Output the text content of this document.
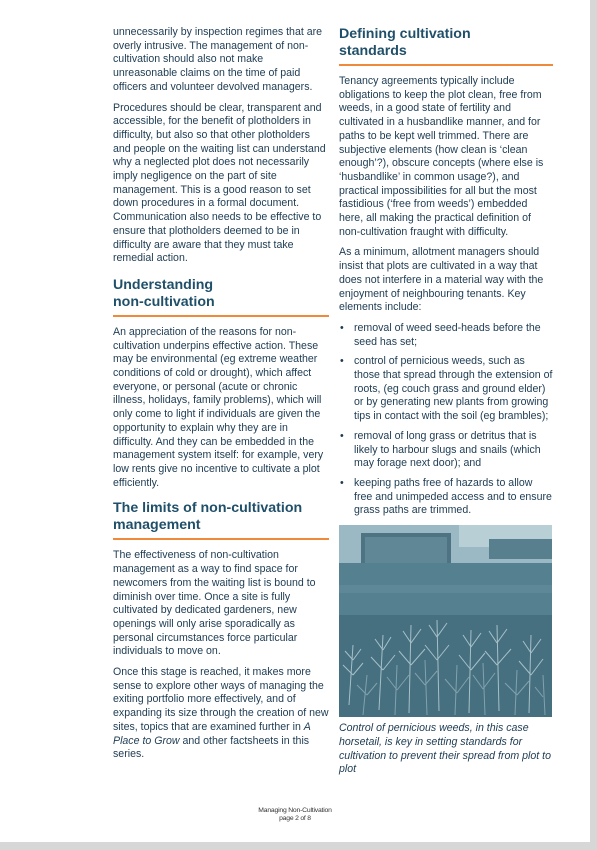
unnecessarily by inspection regimes that are overly intrusive. The management of non-cultivation should also not make unreasonable claims on the time of paid officers and volunteer devolved managers.

Procedures should be clear, transparent and accessible, for the benefit of plotholders in difficulty, but also so that other plotholders and people on the waiting list can understand why a neglected plot does not necessarily imply negligence on the part of site management. This is a good reason to set down procedures in a formal document. Communication also needs to be effective to ensure that plotholders deemed to be in difficulty are aware that they must take remedial action.

Understanding non-cultivation

An appreciation of the reasons for non-cultivation underpins effective action. These may be environmental (eg extreme weather conditions of cold or drought), which affect everyone, or personal (acute or chronic illness, holidays, family problems), which will only come to light if individuals are given the opportunity to explain why they are in difficulty. And they can be embedded in the management system itself: for example, very low rents give no incentive to cultivate a plot efficiently.

The limits of non-cultivation management

The effectiveness of non-cultivation management as a way to find space for newcomers from the waiting list is bound to diminish over time. Once a site is fully cultivated by dedicated gardeners, new openings will only arise sporadically as personal circumstances force particular individuals to move on.

Once this stage is reached, it makes more sense to explore other ways of managing the exiting portfolio more effectively, and of expanding its size through the creation of new sites, topics that are examined further in A Place to Grow and other factsheets in this series.

Defining cultivation standards

Tenancy agreements typically include obligations to keep the plot clean, free from weeds, in a good state of fertility and cultivated in a husbandlike manner, and for paths to be kept well trimmed. There are subjective elements (how clean is ‘clean enough’?), obscure concepts (where else is ‘husbandlike’ in common usage?), and practical impossibilities for all but the most fastidious (‘free from weeds’) embedded here, all making the practical definition of non-cultivation fraught with difficulty.

As a minimum, allotment managers should insist that plots are cultivated in a way that does not interfere in a material way with the enjoyment of neighbouring tenants. Key elements include:

• removal of weed seed-heads before the seed has set;
• control of pernicious weeds, such as those that spread through the extension of roots, (eg couch grass and ground elder) or by generating new plants from growing tips in contact with the soil (eg brambles);
• removal of long grass or detritus that is likely to harbour slugs and snails (which may forage next door); and
• keeping paths free of hazards to allow free and unimpeded access and to ensure grass paths are trimmed.
Control of pernicious weeds, in this case horsetail, is key in setting standards for cultivation to prevent their spread from plot to plot
Managing Non-Cultivation
page 2 of 8
